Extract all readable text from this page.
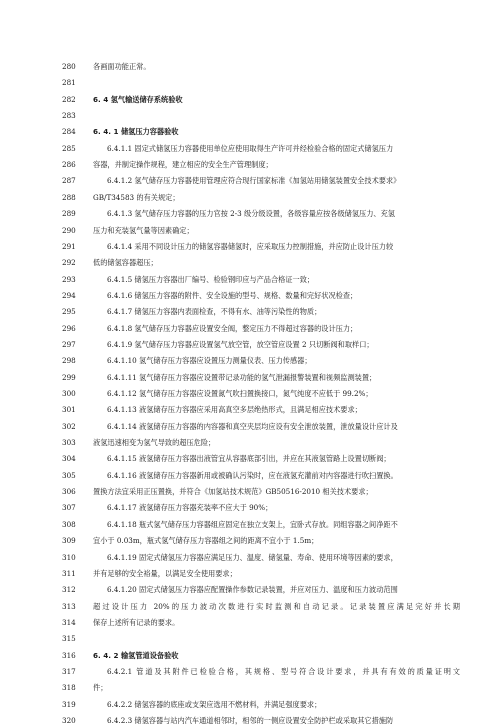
280	各画面功能正常。
281
282	6. 4 氢气输送储存系统验收
283
284	6. 4. 1 储氢压力容器验收
285	6.4.1.1 固定式储氢压力容器使用单位应使用取得生产许可并经检验合格的固定式储氢压力
286	容器，并制定操作规程，建立相应的安全生产管理制度；
287	6.4.1.2 氢气储存压力容器使用管理应符合现行国家标准《加氢站用储氢装置安全技术要求》
288	GB/T34583 的有关规定；
289	6.4.1.3 氢气储存压力容器的压力官按 2-3 级分级设置，各级容量应按各级储氢压力、充氢
290	压力和充装氢气量等因素确定；
291	6.4.1.4 采用不同设计压力的储氢容器储氢时，应采取压力控制措施，并应防止设计压力较
292	低的储氢容器超压；
293	6.4.1.5 储氢压力容器出厂编号、检验钢印应与产品合格证一致；
294	6.4.1.6 储氢压力容器的附件、安全设施的型号、规格、数量和完好状况检查；
295	6.4.1.7 储氢压力容器内表面检查，不得有水、油等污染性的物质；
296	6.4.1.8 氢气储存压力容器应设置安全阀，整定压力不得超过容器的设计压力；
297	6.4.1.9 氢气储存压力容器应设置氢气放空管，放空管应设置 2 只切断阀和取样口；
298	6.4.1.10 氢气储存压力容器应设置压力测量仪表、压力传感器；
299	6.4.1.11 氢气储存压力容器应设置带记录功能的氢气泄漏报警装置和视频监测装置；
300	6.4.1.12 氢气储存压力容器应设置氮气吹扫置换接口，氮气纯度不应低于 99.2%；
301	6.4.1.13 液氢储存压力容器应采用高真空多层绝热形式，且满足相应技术要求；
302	6.4.1.14 液氢储存压力容器的内容器和真空夹层均应设有安全泄放装置，泄放量设计应计及
303	液氢迅速相变为氢气导致的超压危险；
304	6.4.1.15 液氢储存压力容器出液管宜从容器底部引出，并应在其液氢管路上设置切断阀；
305	6.4.1.16 液氢储存压力容器新用或被确认污染时，应在液氢充灌前对内容器进行吹扫置换。
306	置换方法宜采用正压置换，并符合《加氢站技术规范》GB50516-2010 相关技术要求；
307	6.4.1.17 液氢储存压力容器充装率不应大于 90%；
308	6.4.1.18 瓶式氢气储存压力容器组应固定在独立支架上，宜卧式存放。同组容器之间净距不
309	宜小于 0.03m，瓶式氢气储存压力容器组之间的距离不宜小于 1.5m；
310	6.4.1.19 固定式储氢压力容器应满足压力、温度、储氢量、寿命、使用环境等因素的要求，
311	并有足够的安全裕量，以满足安全使用要求；
312	6.4.1.20 固定式储氢压力容器应配置操作参数记录装置，并应对压力、温度和压力波动范围
313	超过设计压力 20%的压力波动次数进行实时监测和自动记录。记录装置应满足完好并长期
314	保存上述所有记录的要求。
315
316	6. 4. 2 输氢管道设备验收
317	6.4.2.1 管道及其附件已检验合格，其规格、型号符合设计要求，并具有有效的质量证明文
318	件；
319	6.4.2.2 储氢容器的底座或支架应选用不燃材料，并满足强度要求；
320	6.4.2.3 储氢容器与站内汽车通道相邻时，相邻的一侧应设置安全防护栏或采取其它措施防
